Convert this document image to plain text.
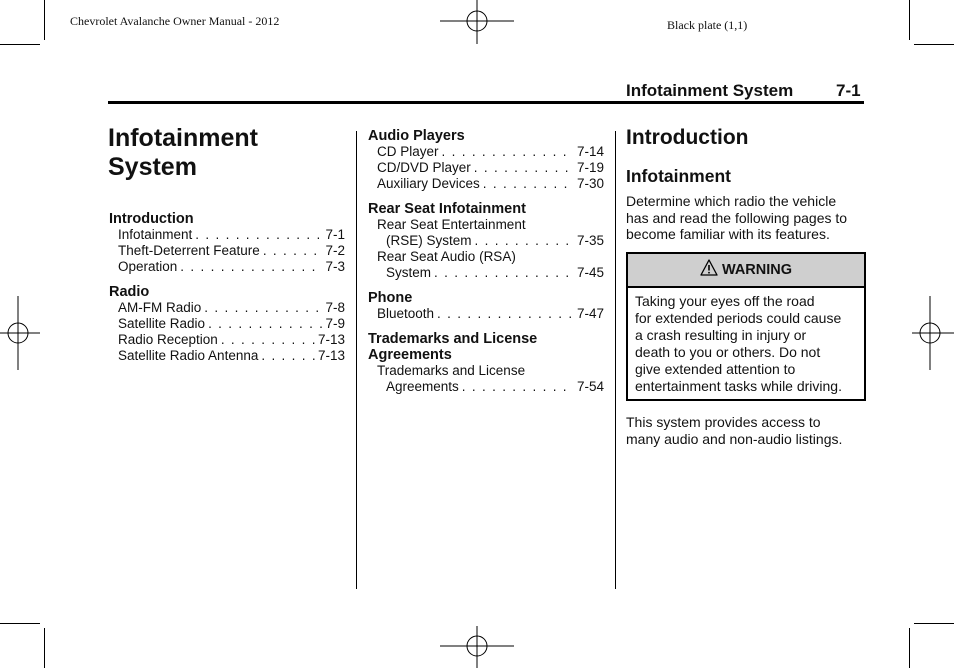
Chevrolet Avalanche Owner Manual - 2012	Black plate (1,1)
Infotainment System	7-1
Infotainment
System
Introduction
Infotainment . . .	7-1
Theft-Deterrent Feature . . .	7-2
Operation . . .	7-3
Radio
AM-FM Radio . . .	7-8
Satellite Radio . . .	7-9
Radio Reception . . .	7-13
Satellite Radio Antenna . . .	7-13
Audio Players
CD Player . . .	7-14
CD/DVD Player . . .	7-19
Auxiliary Devices . . .	7-30
Rear Seat Infotainment
Rear Seat Entertainment
(RSE) System . . .	7-35
Rear Seat Audio (RSA)
System . . .	7-45
Phone
Bluetooth . . .	7-47
Trademarks and License
Agreements
Trademarks and License
Agreements . . .	7-54
Introduction
Infotainment
Determine which radio the vehicle
has and read the following pages to
become familiar with its features.
WARNING
Taking your eyes off the road
for extended periods could cause
a crash resulting in injury or
death to you or others. Do not
give extended attention to
entertainment tasks while driving.
This system provides access to
many audio and non-audio listings.
